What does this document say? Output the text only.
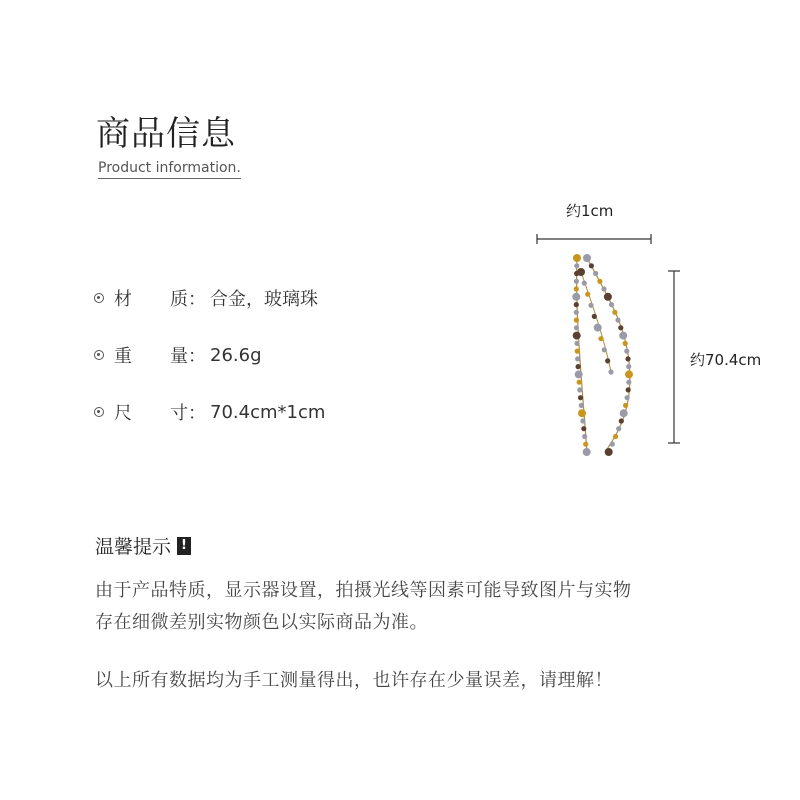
商品信息
Product information.
材 质： 合金，玻璃珠
重 量： 26.6g
尺 寸： 70.4cm*1cm
约1cm
约70.4cm
温馨提示 !
由于产品特质，显示器设置，拍摄光线等因素可能导致图片与实物
存在细微差别实物颜色以实际商品为准。
以上所有数据均为手工测量得出，也许存在少量误差，请理解！
